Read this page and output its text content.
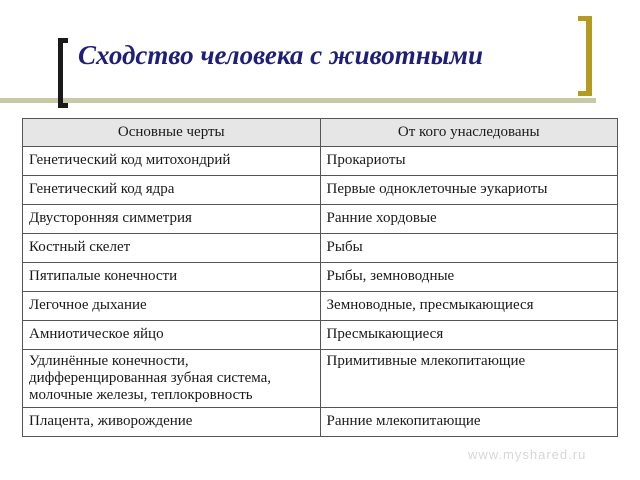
Сходство человека с животными
Основные черты	От кого унаследованы
Генетический код митохондрий	Прокариоты
Генетический код ядра	Первые одноклеточные эукариоты
Двусторонняя симметрия	Ранние хордовые
Костный скелет	Рыбы
Пятипалые конечности	Рыбы, земноводные
Легочное дыхание	Земноводные, пресмыкающиеся
Амниотическое яйцо	Пресмыкающиеся
Удлинённые конечности, дифференцированная зубная система, молочные железы, теплокровность	Примитивные млекопитающие
Плацента, живорождение	Ранние млекопитающие
www.myshared.ru
